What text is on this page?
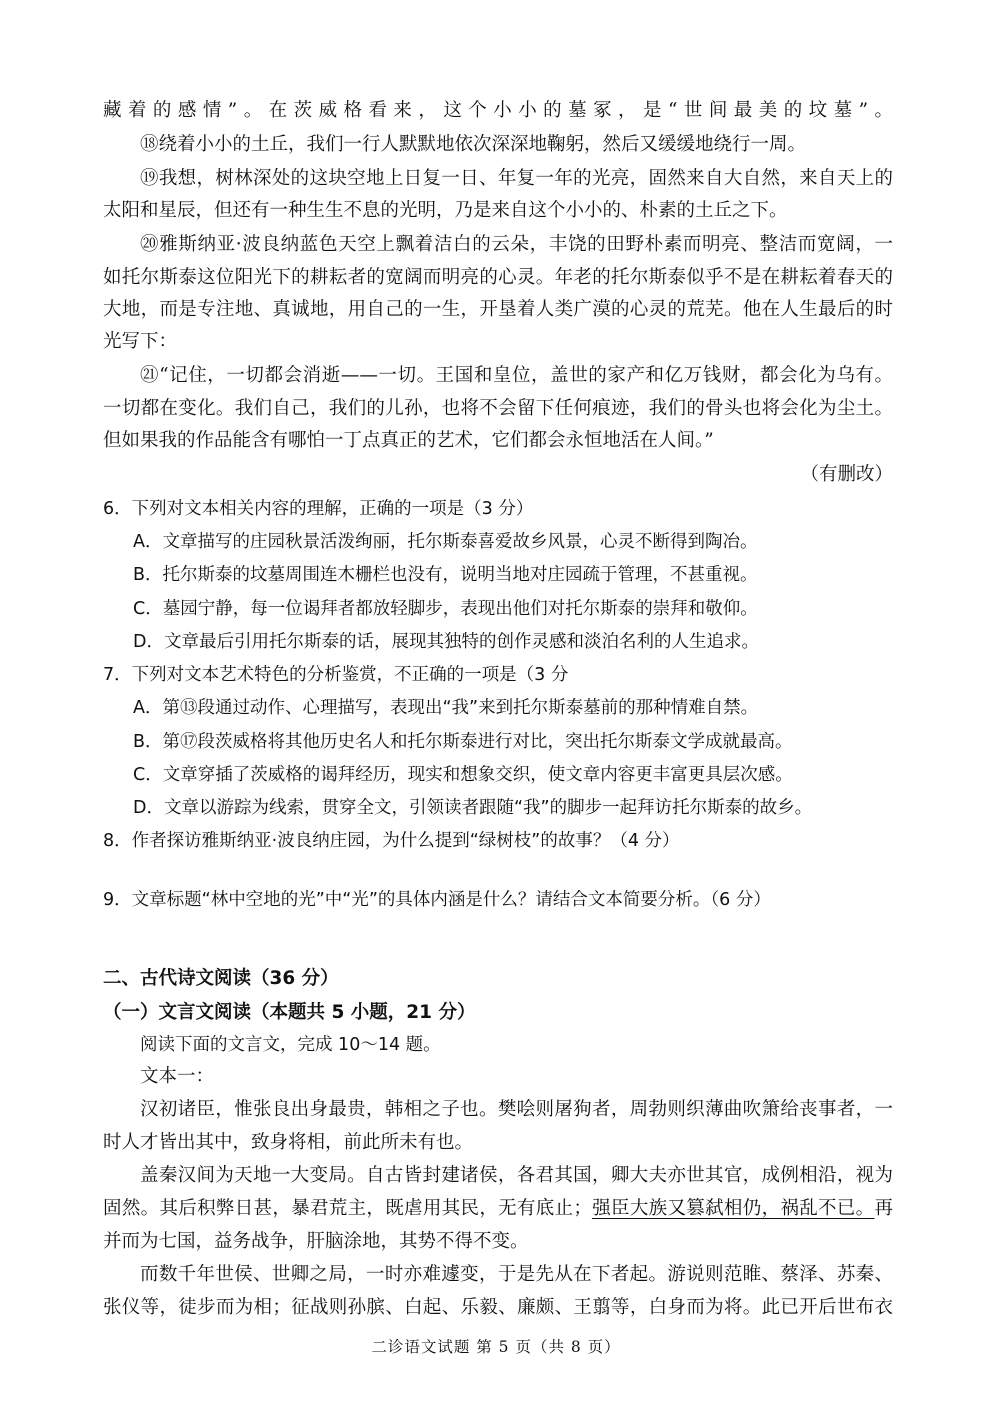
藏着的感情”。在茨威格看来，这个小小的墓冢，是“世间最美的坟墓”。
⑱绕着小小的土丘，我们一行人默默地依次深深地鞠躬，然后又缓缓地绕行一周。
⑲我想，树林深处的这块空地上日复一日、年复一年的光亮，固然来自大自然，来自天上的
太阳和星辰，但还有一种生生不息的光明，乃是来自这个小小的、朴素的土丘之下。
⑳雅斯纳亚·波良纳蓝色天空上飘着洁白的云朵，丰饶的田野朴素而明亮、整洁而宽阔，一
如托尔斯泰这位阳光下的耕耘者的宽阔而明亮的心灵。年老的托尔斯泰似乎不是在耕耘着春天的
大地，而是专注地、真诚地，用自己的一生，开垦着人类广漠的心灵的荒芜。他在人生最后的时
光写下：
㉑“记住，一切都会消逝——一切。王国和皇位，盖世的家产和亿万钱财，都会化为乌有。
一切都在变化。我们自己，我们的儿孙，也将不会留下任何痕迹，我们的骨头也将会化为尘土。
但如果我的作品能含有哪怕一丁点真正的艺术，它们都会永恒地活在人间。”
（有删改）
6．下列对文本相关内容的理解，正确的一项是（3 分）
A．文章描写的庄园秋景活泼绚丽，托尔斯泰喜爱故乡风景，心灵不断得到陶冶。
B．托尔斯泰的坟墓周围连木栅栏也没有，说明当地对庄园疏于管理，不甚重视。
C．墓园宁静，每一位谒拜者都放轻脚步，表现出他们对托尔斯泰的崇拜和敬仰。
D．文章最后引用托尔斯泰的话，展现其独特的创作灵感和淡泊名利的人生追求。
7．下列对文本艺术特色的分析鉴赏，不正确的一项是（3 分
A．第⑬段通过动作、心理描写，表现出“我”来到托尔斯泰墓前的那种情难自禁。
B．第⑰段茨威格将其他历史名人和托尔斯泰进行对比，突出托尔斯泰文学成就最高。
C．文章穿插了茨威格的谒拜经历，现实和想象交织，使文章内容更丰富更具层次感。
D．文章以游踪为线索，贯穿全文，引领读者跟随“我”的脚步一起拜访托尔斯泰的故乡。
8．作者探访雅斯纳亚·波良纳庄园，为什么提到“绿树枝”的故事？（4 分）
9．文章标题“林中空地的光”中“光”的具体内涵是什么？请结合文本简要分析。（6 分）
二、古代诗文阅读（36 分）
（一）文言文阅读（本题共 5 小题，21 分）
阅读下面的文言文，完成 10～14 题。
文本一：
汉初诸臣，惟张良出身最贵，韩相之子也。樊哙则屠狗者，周勃则织薄曲吹箫给丧事者，一
时人才皆出其中，致身将相，前此所未有也。
盖秦汉间为天地一大变局。自古皆封建诸侯，各君其国，卿大夫亦世其官，成例相沿，视为
固然。其后积弊日甚，暴君荒主，既虐用其民，无有底止；强臣大族又篡弑相仍，祸乱不已。再
并而为七国，益务战争，肝脑涂地，其势不得不变。
而数千年世侯、世卿之局，一时亦难遽变，于是先从在下者起。游说则范睢、蔡泽、苏秦、
张仪等，徒步而为相；征战则孙膑、白起、乐毅、廉颇、王翦等，白身而为将。此已开后世布衣
二诊语文试题 第 5 页（共 8 页）
